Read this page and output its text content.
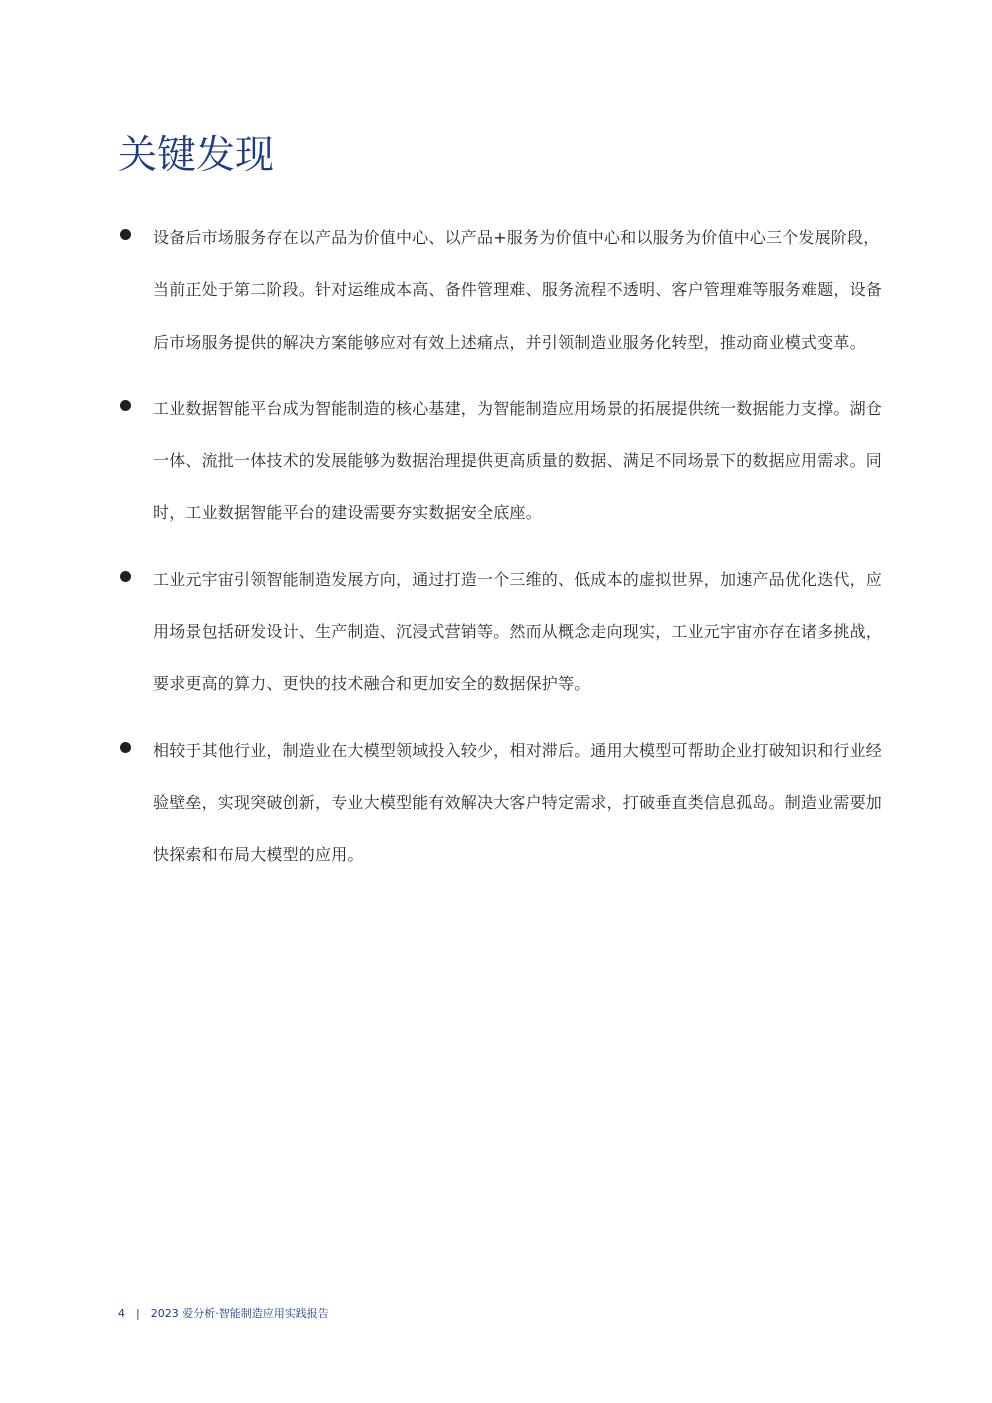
关键发现
设备后市场服务存在以产品为价值中心、以产品+服务为价值中心和以服务为价值中心三个发展阶段，当前正处于第二阶段。针对运维成本高、备件管理难、服务流程不透明、客户管理难等服务难题，设备后市场服务提供的解决方案能够应对有效上述痛点，并引领制造业服务化转型，推动商业模式变革。
工业数据智能平台成为智能制造的核心基建，为智能制造应用场景的拓展提供统一数据能力支撑。湖仓一体、流批一体技术的发展能够为数据治理提供更高质量的数据、满足不同场景下的数据应用需求。同时，工业数据智能平台的建设需要夯实数据安全底座。
工业元宇宙引领智能制造发展方向，通过打造一个三维的、低成本的虚拟世界，加速产品优化迭代，应用场景包括研发设计、生产制造、沉浸式营销等。然而从概念走向现实，工业元宇宙亦存在诸多挑战，要求更高的算力、更快的技术融合和更加安全的数据保护等。
相较于其他行业，制造业在大模型领域投入较少，相对滞后。通用大模型可帮助企业打破知识和行业经验壁垒，实现突破创新，专业大模型能有效解决大客户特定需求，打破垂直类信息孤岛。制造业需要加快探索和布局大模型的应用。
4 | 2023 爱分析·智能制造应用实践报告
